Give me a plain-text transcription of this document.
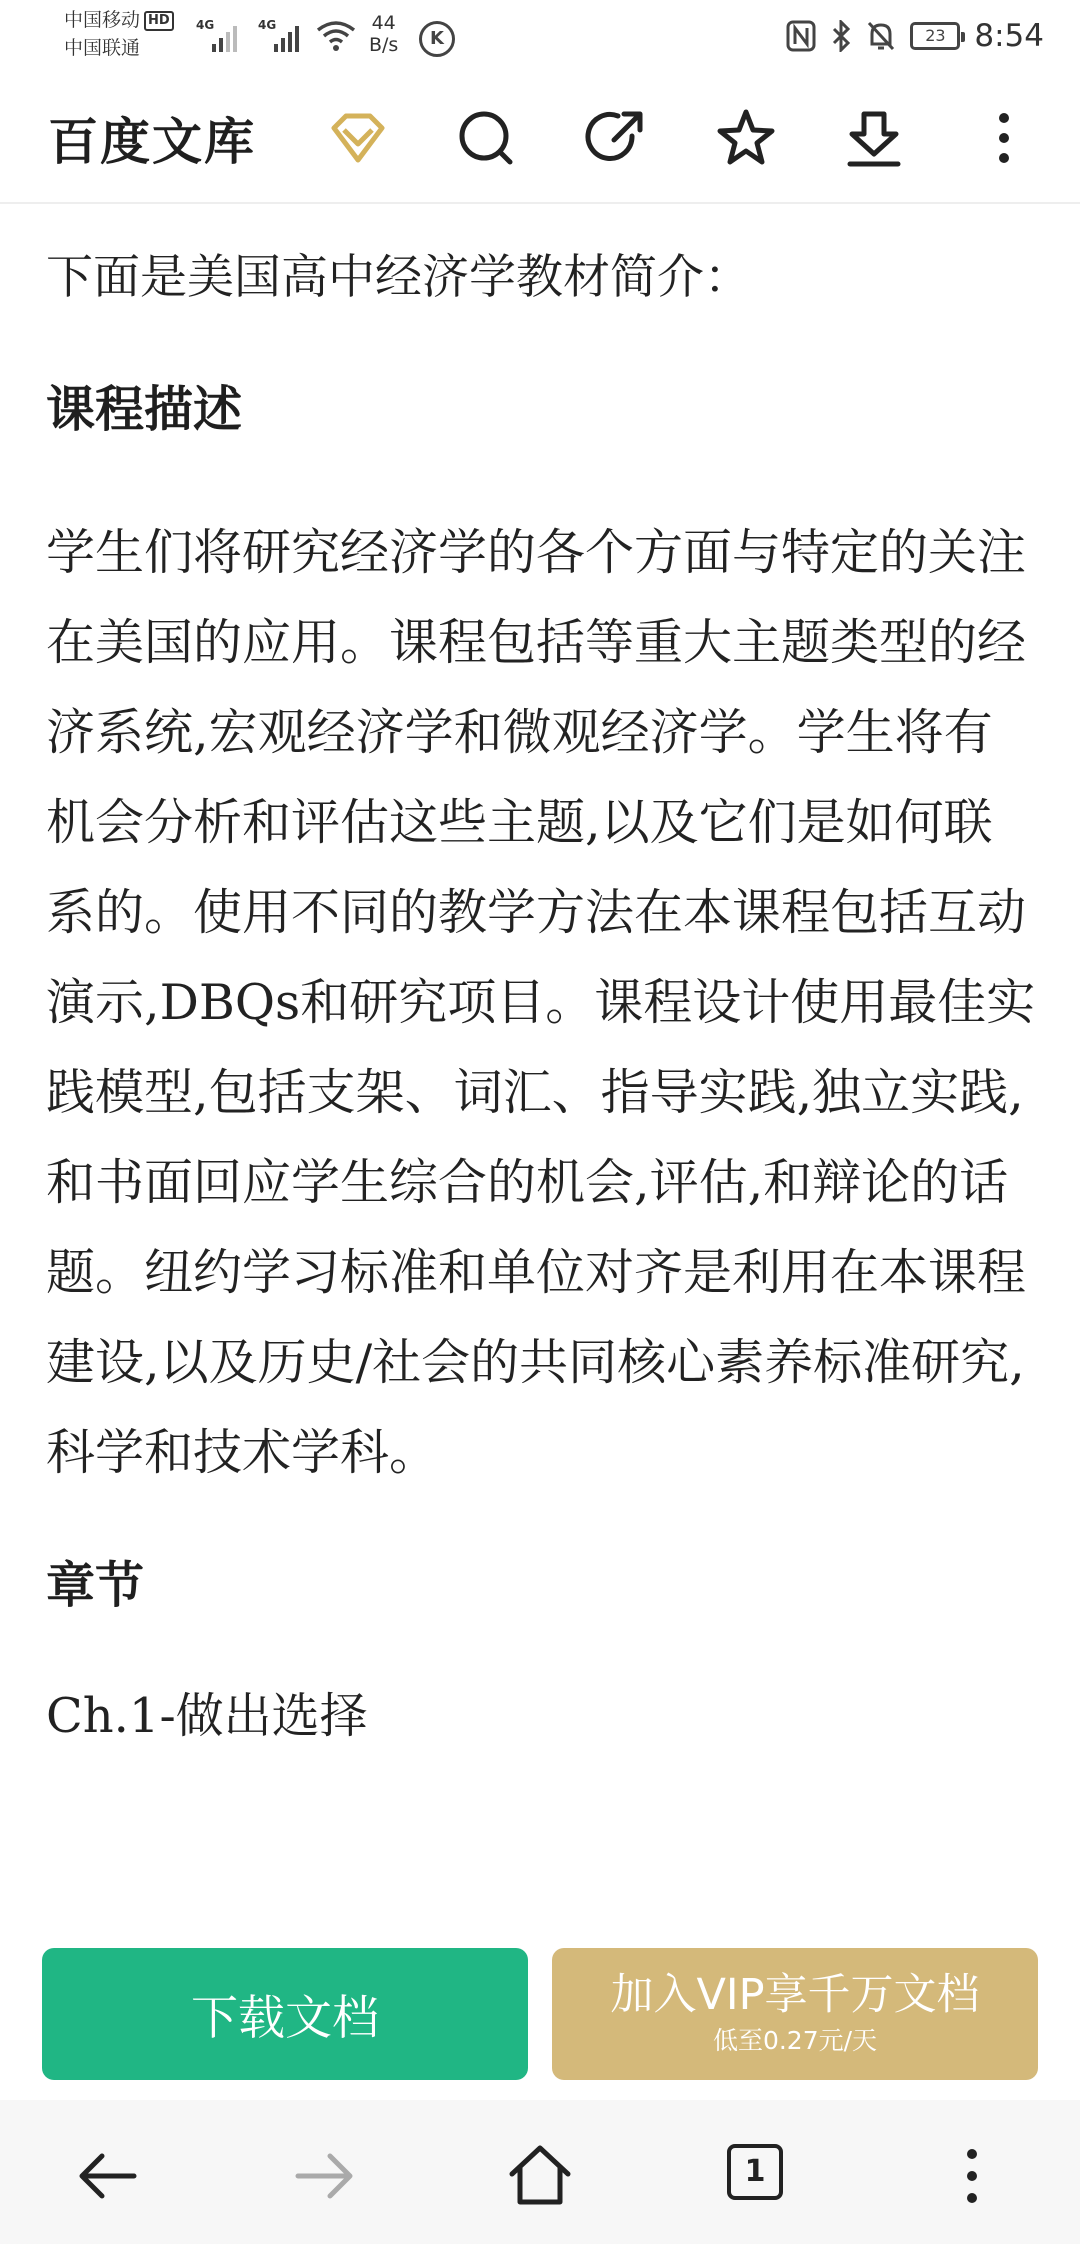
中国移动 HD
中国联通
4G	4G	44
B/s	K	23 8:54
百度文库

下面是美国高中经济学教材简介：

课程描述

学生们将研究经济学的各个方面与特定的关注在美国的应用。课程包括等重大主题类型的经济系统,宏观经济学和微观经济学。学生将有机会分析和评估这些主题,以及它们是如何联系的。使用不同的教学方法在本课程包括互动演示,DBQs和研究项目。课程设计使用最佳实践模型,包括支架、词汇、指导实践,独立实践,和书面回应学生综合的机会,评估,和辩论的话题。纽约学习标准和单位对齐是利用在本课程建设,以及历史/社会的共同核心素养标准研究,科学和技术学科。

章节

Ch.1-做出选择

下载文档	加入VIP享千万文档
低至0.27元/天
1
